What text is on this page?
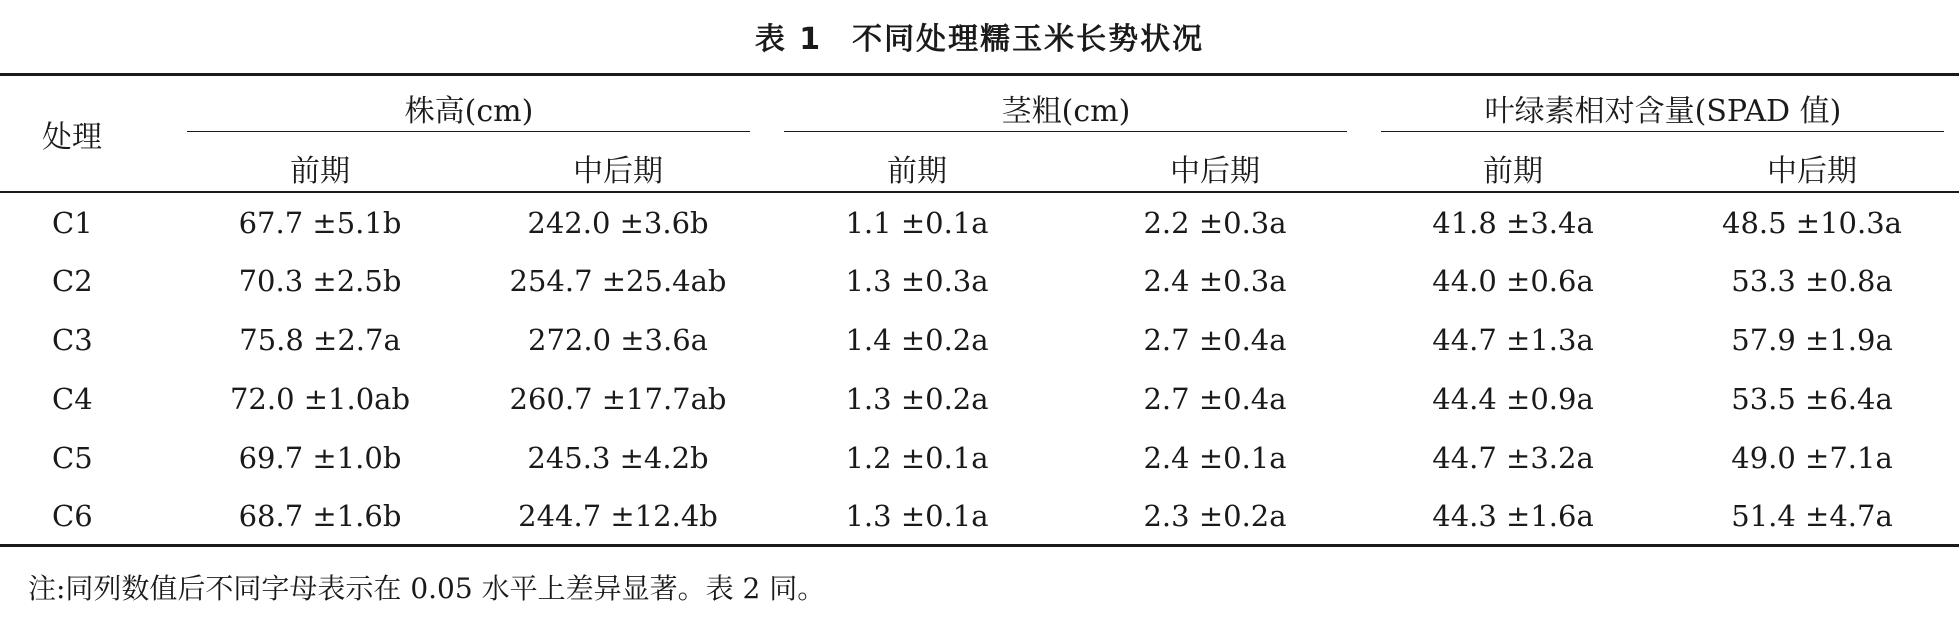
表 1 不同处理糯玉米长势状况
处理
株高(cm)	茎粗(cm)	叶绿素相对含量(SPAD 值)
前期	中后期	前期	中后期	前期	中后期
C1	67.7 ±5.1b	242.0 ±3.6b	1.1 ±0.1a	2.2 ±0.3a	41.8 ±3.4a	48.5 ±10.3a
C2	70.3 ±2.5b	254.7 ±25.4ab	1.3 ±0.3a	2.4 ±0.3a	44.0 ±0.6a	53.3 ±0.8a
C3	75.8 ±2.7a	272.0 ±3.6a	1.4 ±0.2a	2.7 ±0.4a	44.7 ±1.3a	57.9 ±1.9a
C4	72.0 ±1.0ab	260.7 ±17.7ab	1.3 ±0.2a	2.7 ±0.4a	44.4 ±0.9a	53.5 ±6.4a
C5	69.7 ±1.0b	245.3 ±4.2b	1.2 ±0.1a	2.4 ±0.1a	44.7 ±3.2a	49.0 ±7.1a
C6	68.7 ±1.6b	244.7 ±12.4b	1.3 ±0.1a	2.3 ±0.2a	44.3 ±1.6a	51.4 ±4.7a
注:同列数值后不同字母表示在 0.05 水平上差异显著。表 2 同。
